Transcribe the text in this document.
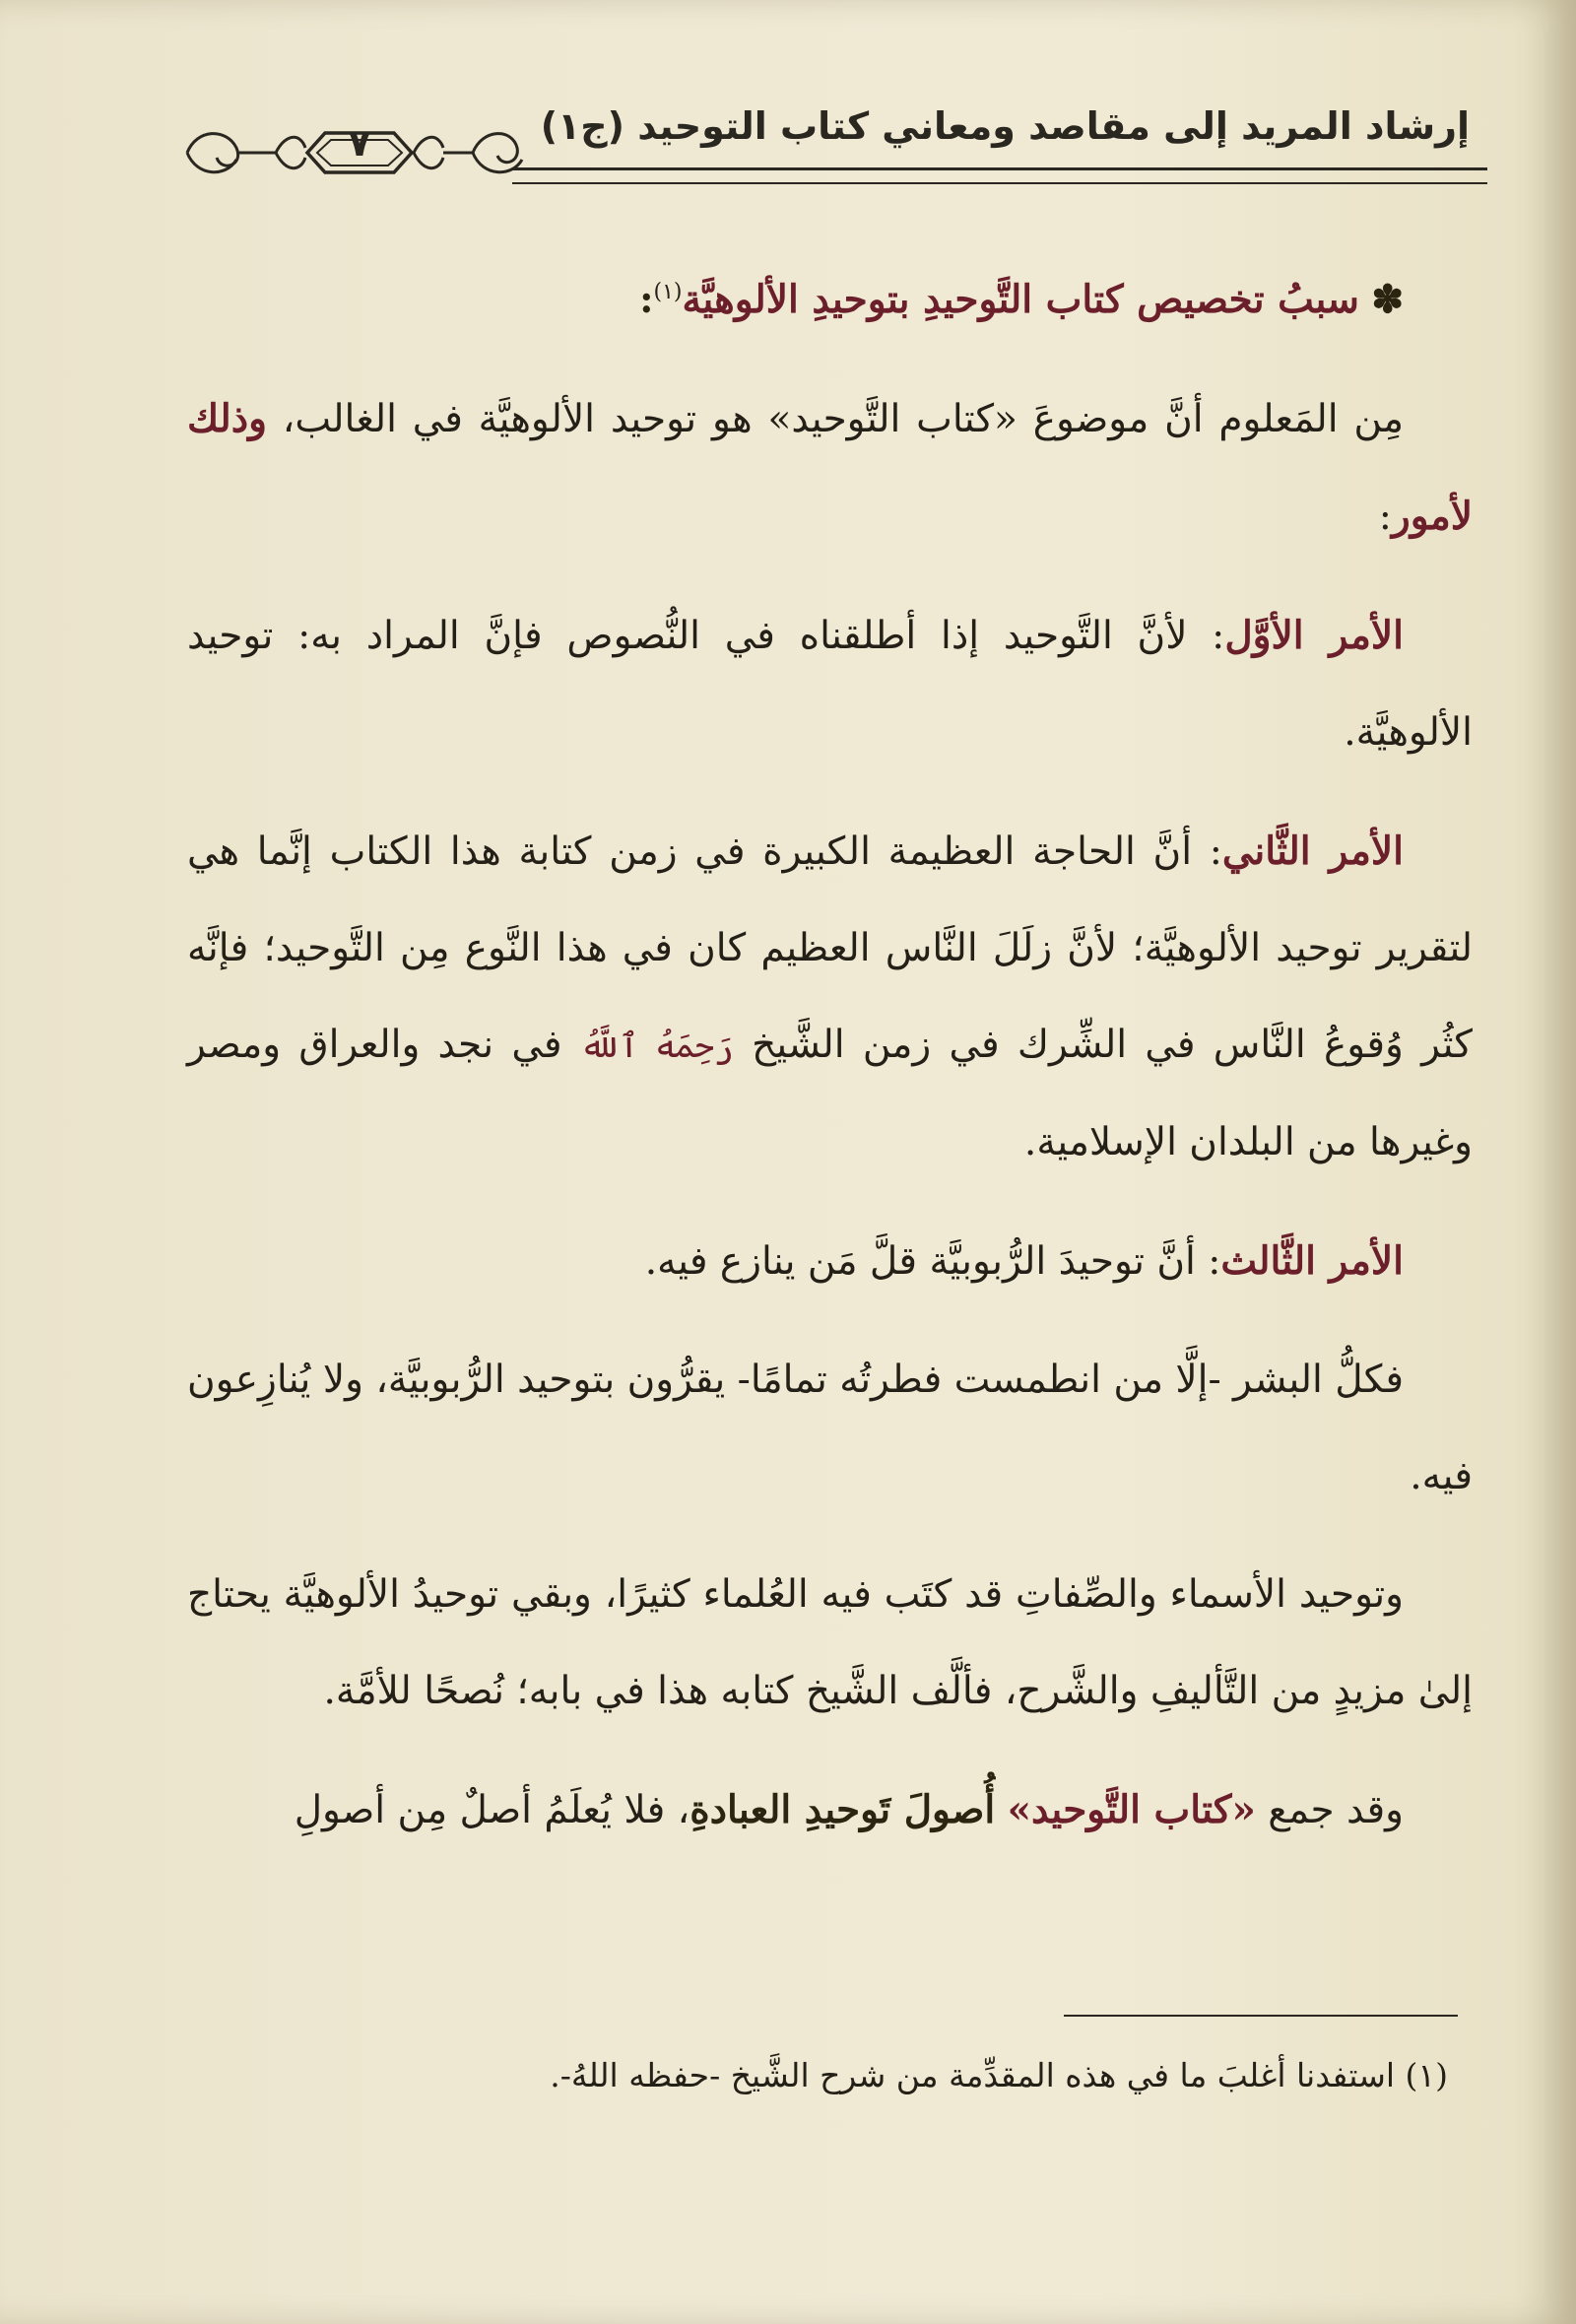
إرشاد المريد إلى مقاصد ومعاني كتاب التوحيد (ج١)
٧

✽ سببُ تخصيص كتاب التَّوحيدِ بتوحيدِ الألوهيَّة$^{(١)}$:

مِن المَعلوم أنَّ موضوعَ «كتاب التَّوحيد» هو توحيد الألوهيَّة في الغالب، وذلك لأمور:

الأمر الأوَّل: لأنَّ التَّوحيد إذا أطلقناه في النُّصوص فإنَّ المراد به: توحيد الألوهيَّة.

الأمر الثَّاني: أنَّ الحاجة العظيمة الكبيرة في زمن كتابة هذا الكتاب إنَّما هي لتقرير توحيد الألوهيَّة؛ لأنَّ زلَلَ النَّاس العظيم كان في هذا النَّوع مِن التَّوحيد؛ فإنَّه كثُر وُقوعُ النَّاس في الشِّرك في زمن الشَّيخ رَحِمَهُ ٱللَّهُ في نجد والعراق ومصر وغيرها من البلدان الإسلامية.

الأمر الثَّالث: أنَّ توحيدَ الرُّبوبيَّة قلَّ مَن ينازع فيه.

فكلُّ البشر -إلَّا من انطمست فطرتُه تمامًا- يقرُّون بتوحيد الرُّبوبيَّة، ولا يُنازِعون فيه.

وتوحيد الأسماء والصِّفاتِ قد كتَب فيه العُلماء كثيرًا، وبقي توحيدُ الألوهيَّة يحتاج إلىٰ مزيدٍ من التَّأليفِ والشَّرح، فألَّف الشَّيخ كتابه هذا في بابه؛ نُصحًا للأمَّة.

وقد جمع «كتاب التَّوحيد» أُصولَ تَوحيدِ العبادةِ، فلا يُعلَمُ أصلٌ مِن أصولِ

(١) استفدنا أغلبَ ما في هذه المقدِّمة من شرح الشَّيخ -حفظه اللهُ-.
